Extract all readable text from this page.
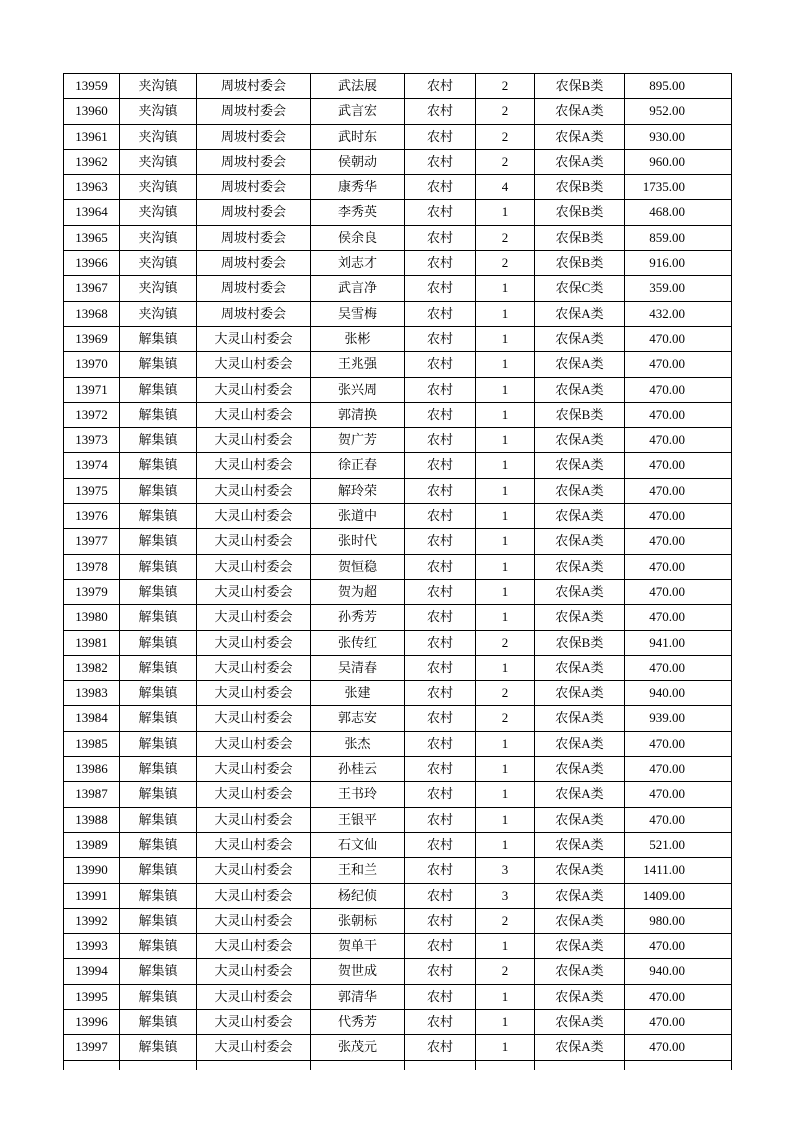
13959	夹沟镇	周坡村委会	武法展	农村	2	农保B类	895.00
13960	夹沟镇	周坡村委会	武言宏	农村	2	农保A类	952.00
13961	夹沟镇	周坡村委会	武时东	农村	2	农保A类	930.00
13962	夹沟镇	周坡村委会	侯朝动	农村	2	农保A类	960.00
13963	夹沟镇	周坡村委会	康秀华	农村	4	农保B类	1735.00
13964	夹沟镇	周坡村委会	李秀英	农村	1	农保B类	468.00
13965	夹沟镇	周坡村委会	侯余良	农村	2	农保B类	859.00
13966	夹沟镇	周坡村委会	刘志才	农村	2	农保B类	916.00
13967	夹沟镇	周坡村委会	武言净	农村	1	农保C类	359.00
13968	夹沟镇	周坡村委会	吴雪梅	农村	1	农保A类	432.00
13969	解集镇	大灵山村委会	张彬	农村	1	农保A类	470.00
13970	解集镇	大灵山村委会	王兆强	农村	1	农保A类	470.00
13971	解集镇	大灵山村委会	张兴周	农村	1	农保A类	470.00
13972	解集镇	大灵山村委会	郭清换	农村	1	农保B类	470.00
13973	解集镇	大灵山村委会	贺广芳	农村	1	农保A类	470.00
13974	解集镇	大灵山村委会	徐正春	农村	1	农保A类	470.00
13975	解集镇	大灵山村委会	解玲荣	农村	1	农保A类	470.00
13976	解集镇	大灵山村委会	张道中	农村	1	农保A类	470.00
13977	解集镇	大灵山村委会	张时代	农村	1	农保A类	470.00
13978	解集镇	大灵山村委会	贺恒稳	农村	1	农保A类	470.00
13979	解集镇	大灵山村委会	贺为超	农村	1	农保A类	470.00
13980	解集镇	大灵山村委会	孙秀芳	农村	1	农保A类	470.00
13981	解集镇	大灵山村委会	张传红	农村	2	农保B类	941.00
13982	解集镇	大灵山村委会	吴清春	农村	1	农保A类	470.00
13983	解集镇	大灵山村委会	张建	农村	2	农保A类	940.00
13984	解集镇	大灵山村委会	郭志安	农村	2	农保A类	939.00
13985	解集镇	大灵山村委会	张杰	农村	1	农保A类	470.00
13986	解集镇	大灵山村委会	孙桂云	农村	1	农保A类	470.00
13987	解集镇	大灵山村委会	王书玲	农村	1	农保A类	470.00
13988	解集镇	大灵山村委会	王银平	农村	1	农保A类	470.00
13989	解集镇	大灵山村委会	石文仙	农村	1	农保A类	521.00
13990	解集镇	大灵山村委会	王和兰	农村	3	农保A类	1411.00
13991	解集镇	大灵山村委会	杨纪侦	农村	3	农保A类	1409.00
13992	解集镇	大灵山村委会	张朝标	农村	2	农保A类	980.00
13993	解集镇	大灵山村委会	贺单干	农村	1	农保A类	470.00
13994	解集镇	大灵山村委会	贺世成	农村	2	农保A类	940.00
13995	解集镇	大灵山村委会	郭清华	农村	1	农保A类	470.00
13996	解集镇	大灵山村委会	代秀芳	农村	1	农保A类	470.00
13997	解集镇	大灵山村委会	张茂元	农村	1	农保A类	470.00
